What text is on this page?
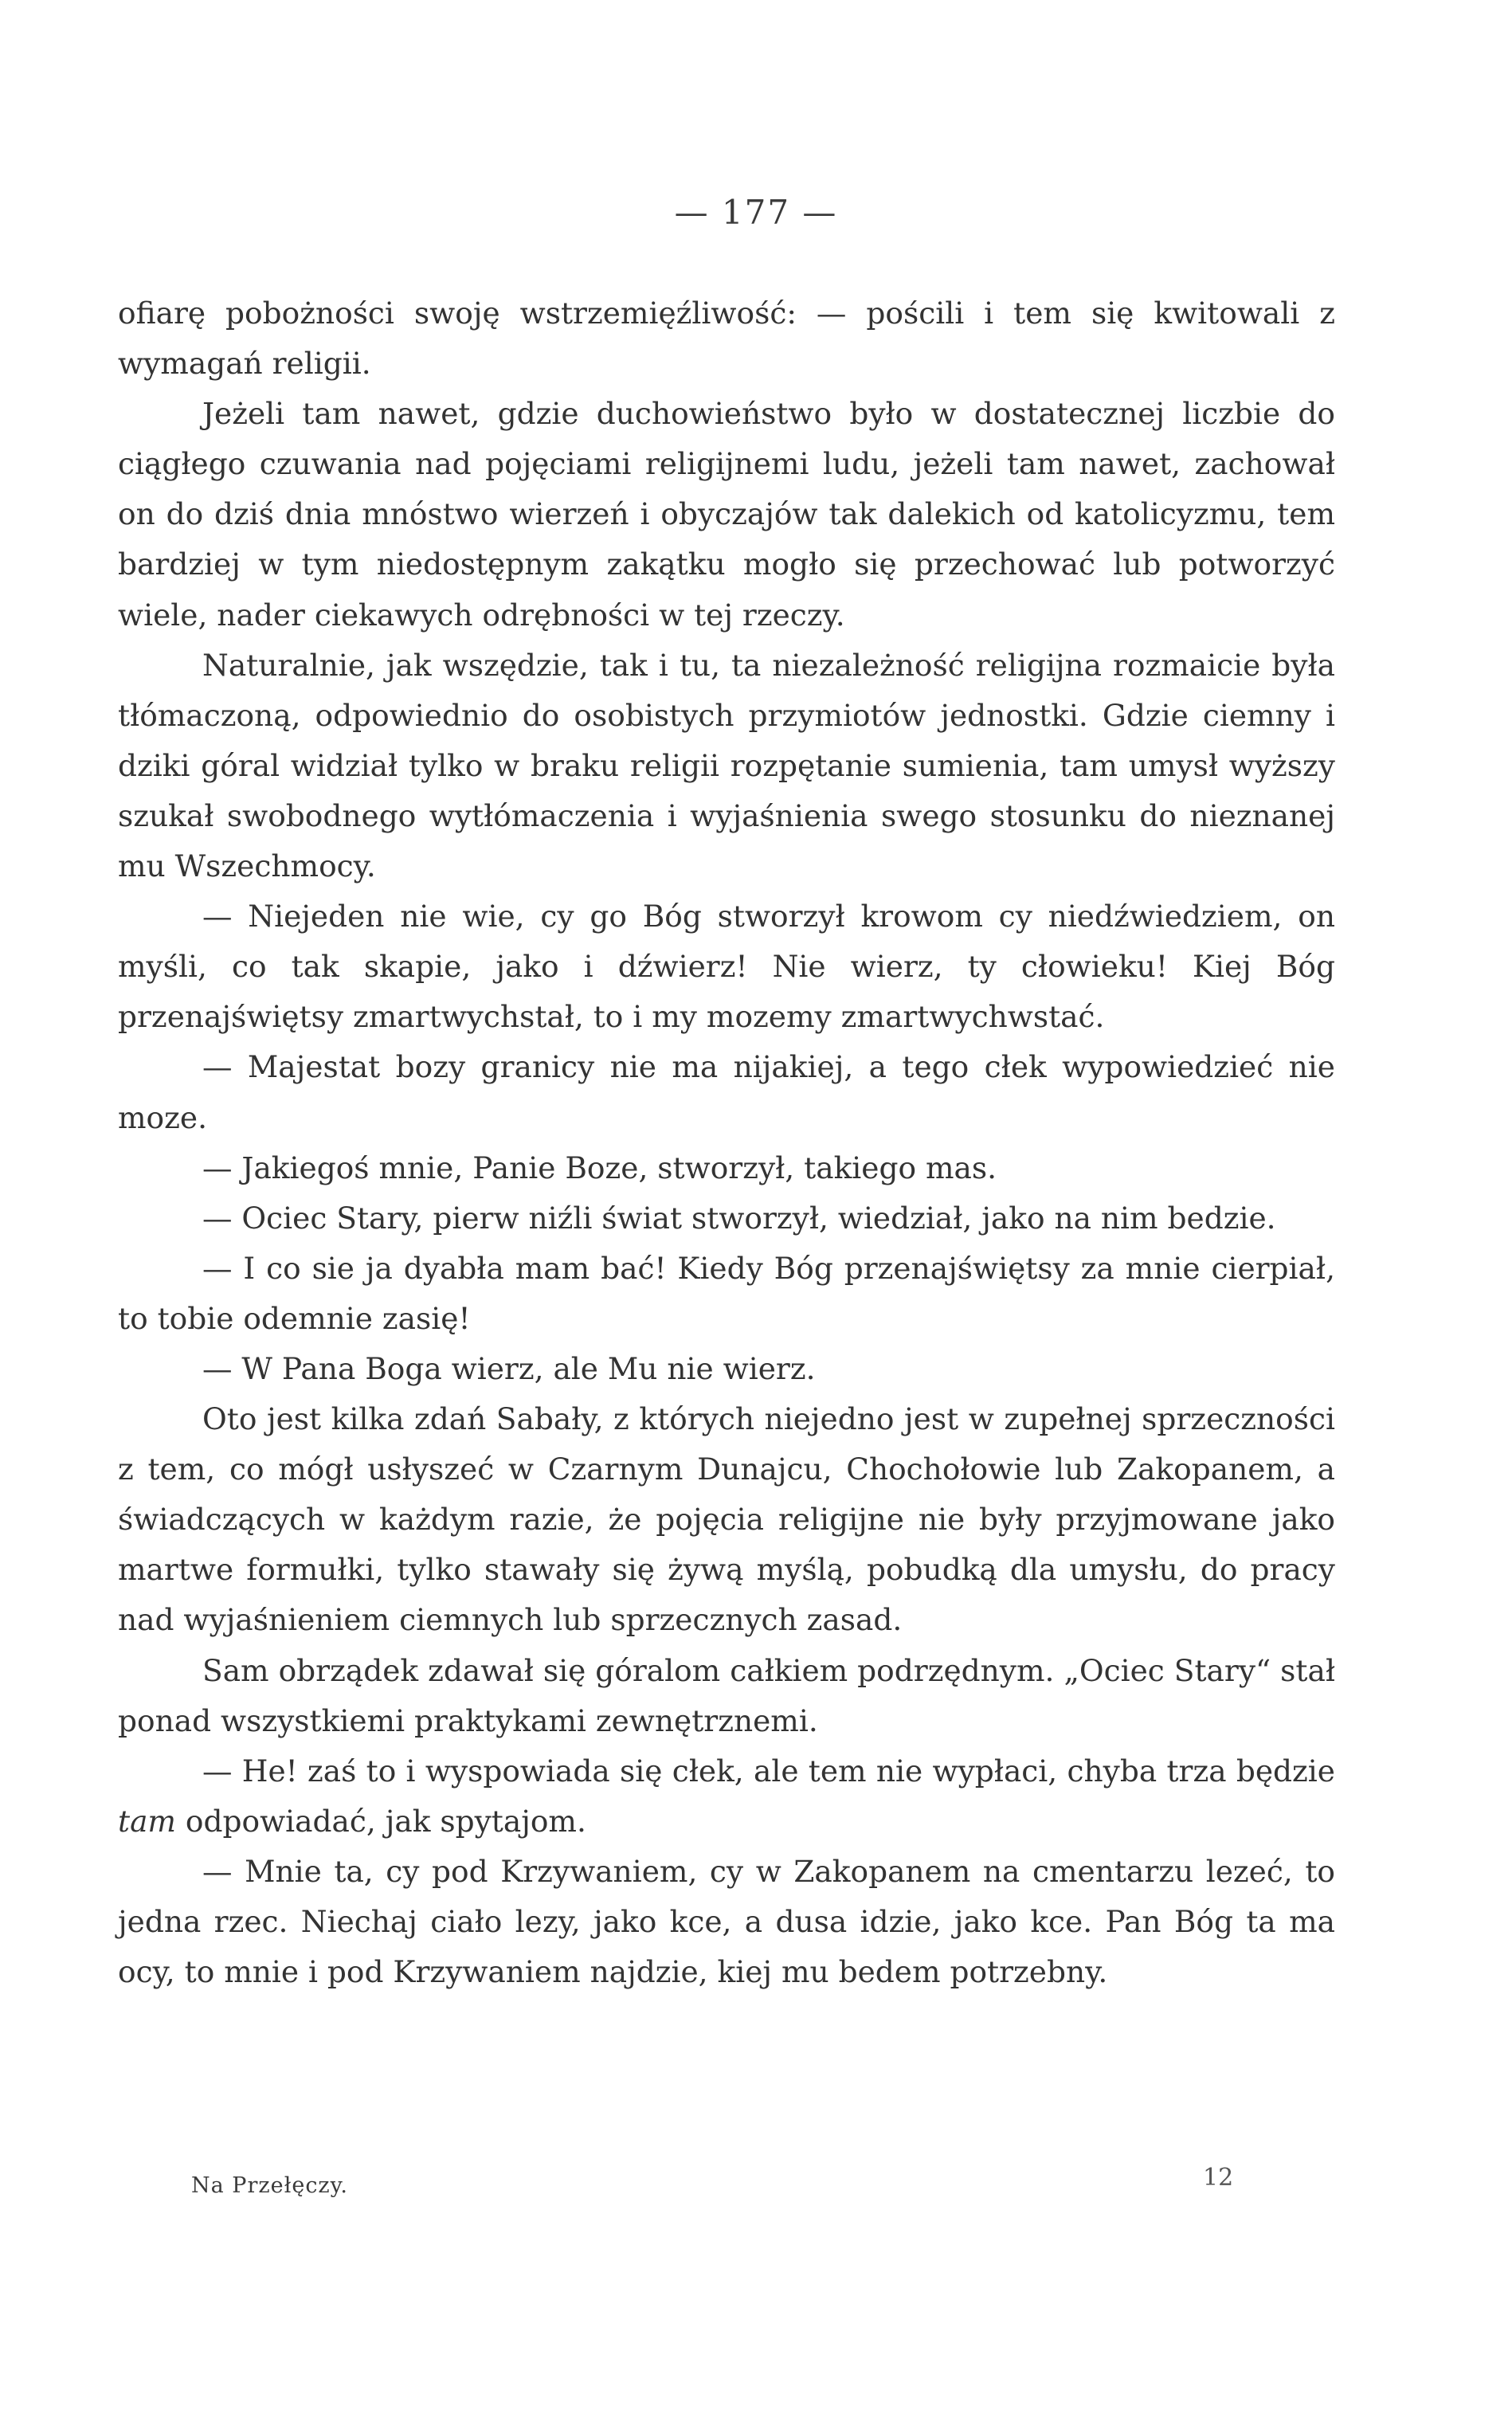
— 177 —

ofiarę pobożności swoję wstrzemięźliwość: — pościli i tem się kwitowali z wymagań religii.

Jeżeli tam nawet, gdzie duchowieństwo było w dostatecznej liczbie do ciągłego czuwania nad pojęciami religijnemi ludu, jeżeli tam nawet, zachował on do dziś dnia mnóstwo wierzeń i obyczajów tak dalekich od katolicyzmu, tem bardziej w tym niedostępnym zakątku mogło się przechować lub potworzyć wiele, nader ciekawych odrębności w tej rzeczy.

Naturalnie, jak wszędzie, tak i tu, ta niezależność religijna rozmaicie była tłómaczoną, odpowiednio do osobistych przymiotów jednostki. Gdzie ciemny i dziki góral widział tylko w braku religii rozpętanie sumienia, tam umysł wyższy szukał swobodnego wytłómaczenia i wyjaśnienia swego stosunku do nieznanej mu Wszechmocy.

— Niejeden nie wie, cy go Bóg stworzył krowom cy niedźwiedziem, on myśli, co tak skapie, jako i dźwierz! Nie wierz, ty cłowieku! Kiej Bóg przenajświętsy zmartwychstał, to i my mozemy zmartwychwstać.

— Majestat bozy granicy nie ma nijakiej, a tego cłek wypowiedzieć nie moze.

— Jakiegoś mnie, Panie Boze, stworzył, takiego mas.

— Ociec Stary, pierw niźli świat stworzył, wiedział, jako na nim bedzie.

— I co sie ja dyabła mam bać! Kiedy Bóg przenajświętsy za mnie cierpiał, to tobie odemnie zasię!

— W Pana Boga wierz, ale Mu nie wierz.

Oto jest kilka zdań Sabały, z których niejedno jest w zupełnej sprzeczności z tem, co mógł usłyszeć w Czarnym Dunajcu, Chochołowie lub Zakopanem, a świadczących w każdym razie, że pojęcia religijne nie były przyjmowane jako martwe formułki, tylko stawały się żywą myślą, pobudką dla umysłu, do pracy nad wyjaśnieniem ciemnych lub sprzecznych zasad.

Sam obrządek zdawał się góralom całkiem podrzędnym. „Ociec Stary“ stał ponad wszystkiemi praktykami zewnętrznemi.

— He! zaś to i wyspowiada się cłek, ale tem nie wypłaci, chyba trza będzie tam odpowiadać, jak spytajom.

— Mnie ta, cy pod Krzywaniem, cy w Zakopanem na cmentarzu lezeć, to jedna rzec. Niechaj ciało lezy, jako kce, a dusa idzie, jako kce. Pan Bóg ta ma ocy, to mnie i pod Krzywaniem najdzie, kiej mu bedem potrzebny.

Na Przełęczy.	12
